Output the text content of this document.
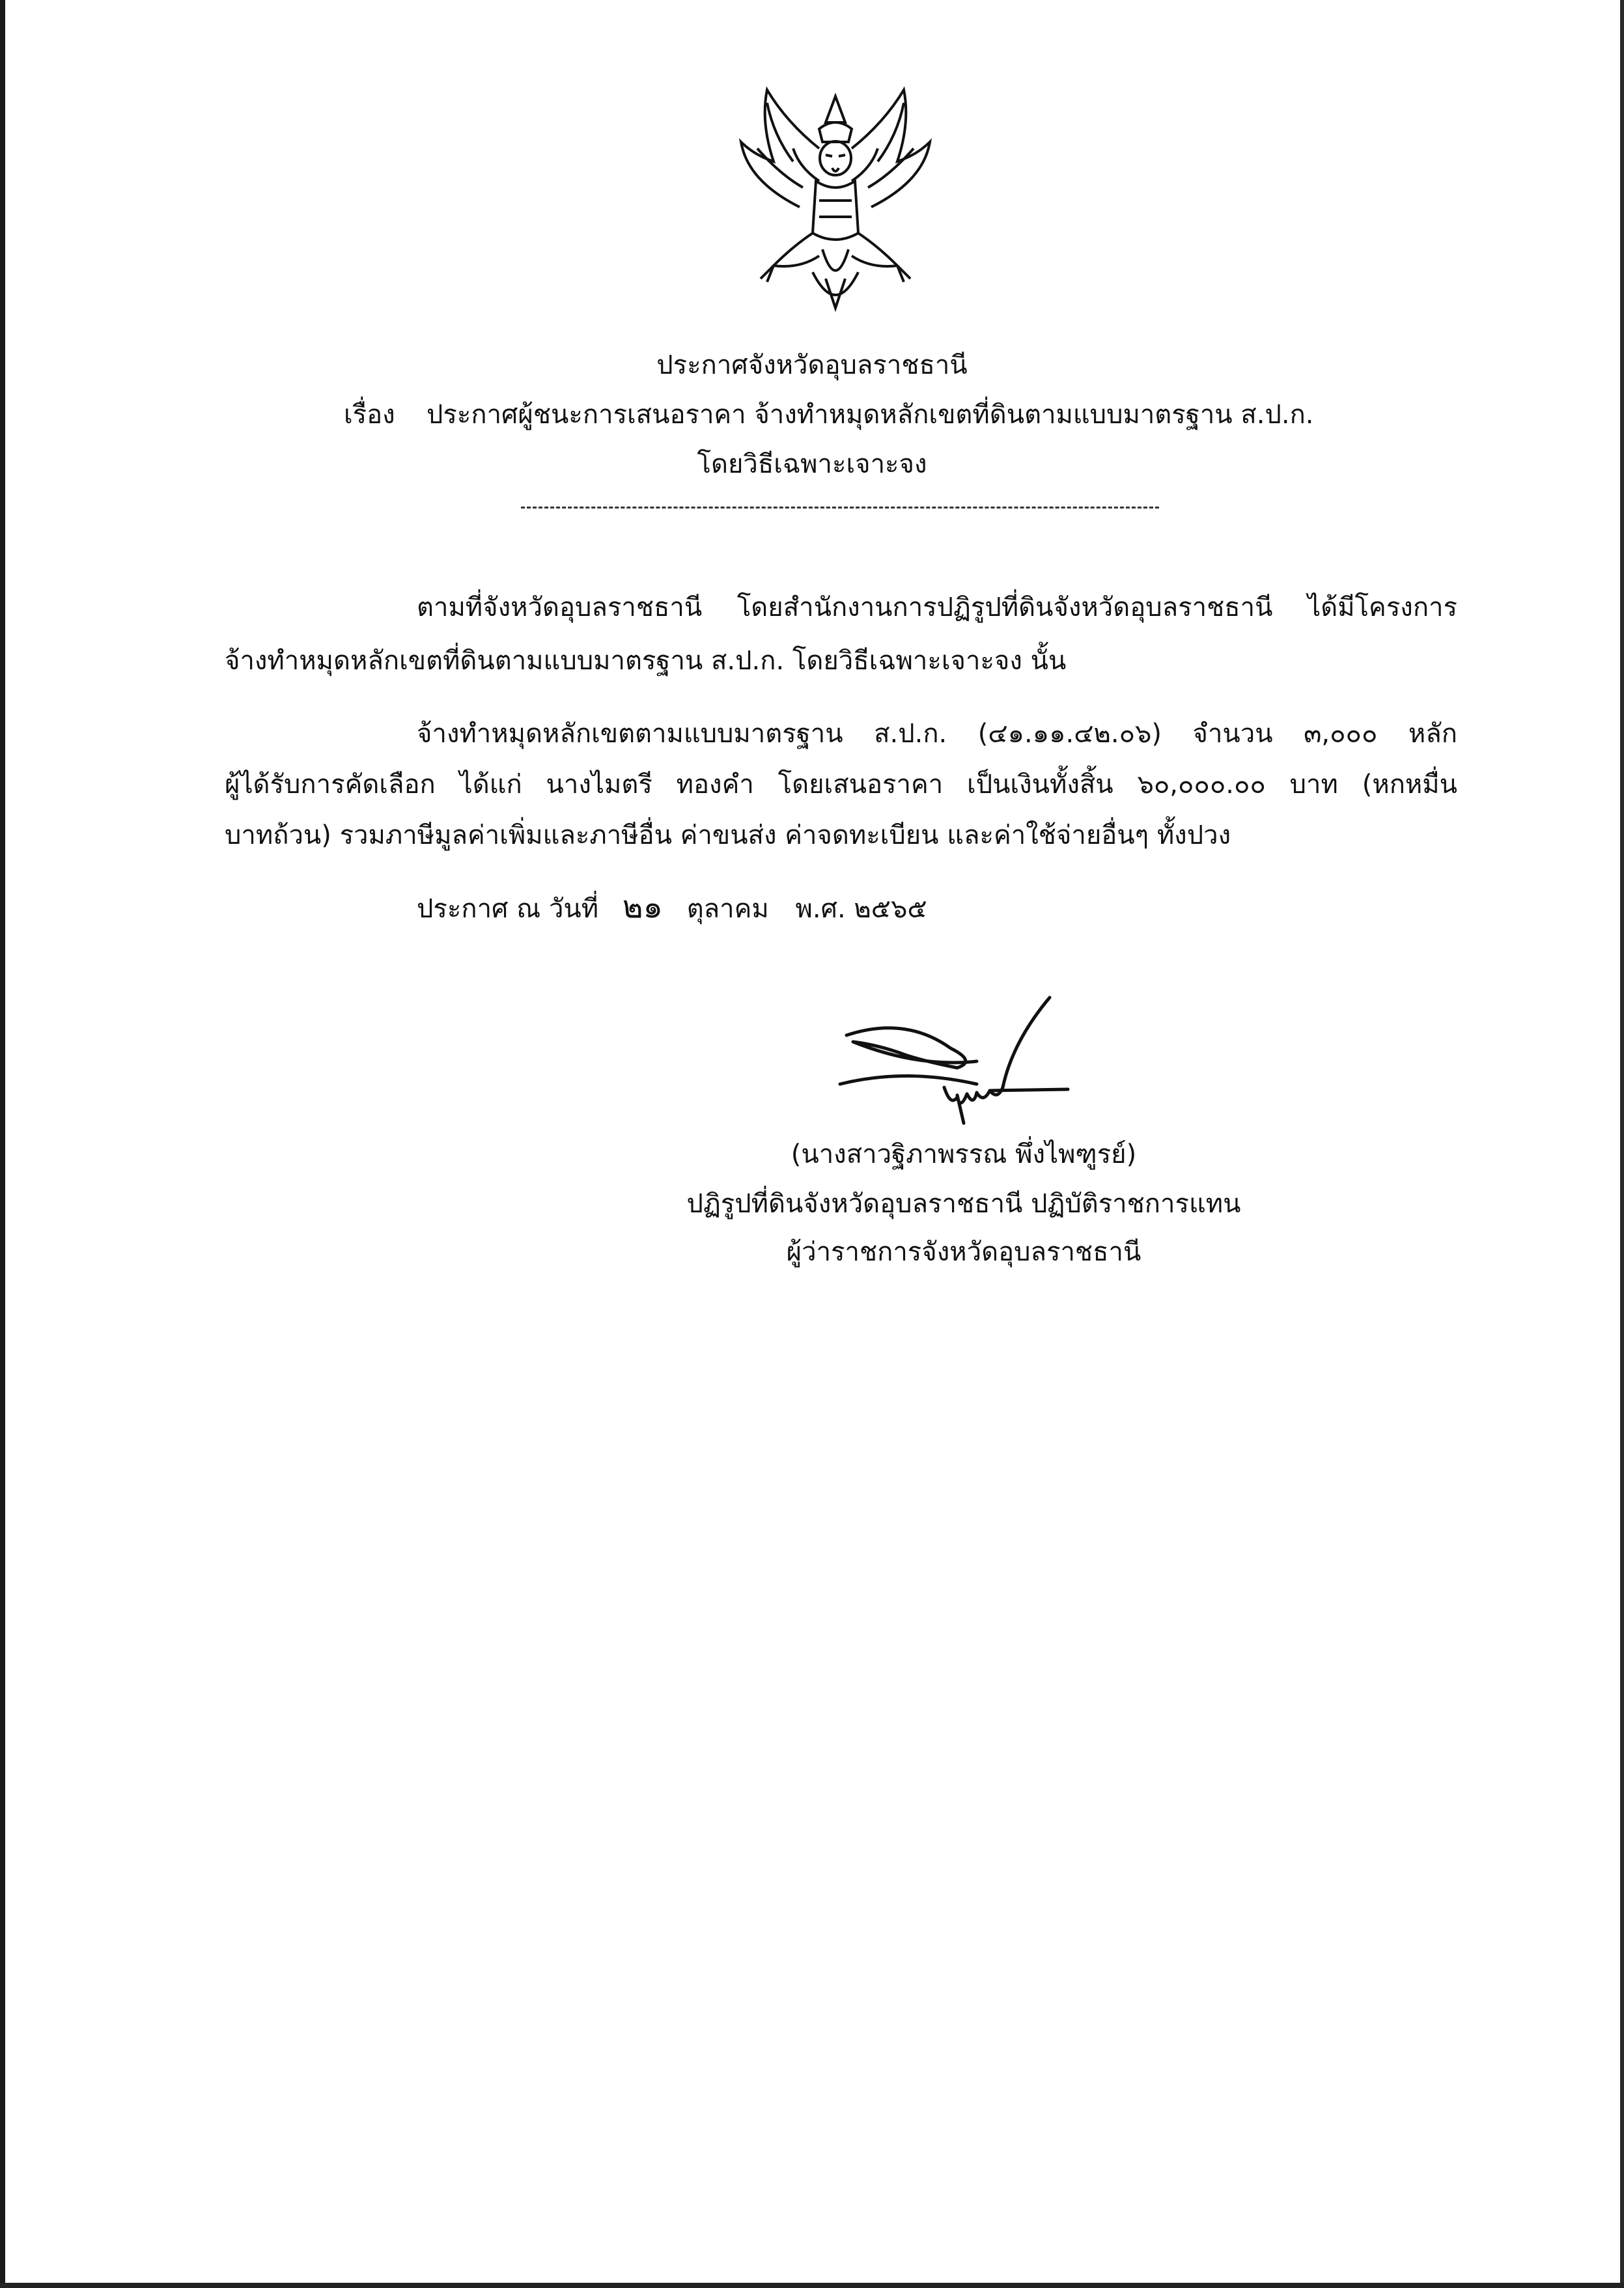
ประกาศจังหวัดอุบลราชธานี
เรื่อง ประกาศผู้ชนะการเสนอราคา จ้างทำหมุดหลักเขตที่ดินตามแบบมาตรฐาน ส.ป.ก.
โดยวิธีเฉพาะเจาะจง
ตามที่จังหวัดอุบลราชธานี โดยสำนักงานการปฏิรูปที่ดินจังหวัดอุบลราชธานี ได้มีโครงการ
จ้างทำหมุดหลักเขตที่ดินตามแบบมาตรฐาน ส.ป.ก. โดยวิธีเฉพาะเจาะจง นั้น
จ้างทำหมุดหลักเขตตามแบบมาตรฐาน ส.ป.ก. (๔๑.๑๑.๔๒.๐๖) จำนวน ๓,๐๐๐ หลัก
ผู้ได้รับการคัดเลือก ได้แก่ นางไมตรี ทองคำ โดยเสนอราคา เป็นเงินทั้งสิ้น ๖๐,๐๐๐.๐๐ บาท (หกหมื่น
บาทถ้วน) รวมภาษีมูลค่าเพิ่มและภาษีอื่น ค่าขนส่ง ค่าจดทะเบียน และค่าใช้จ่ายอื่นๆ ทั้งปวง
ประกาศ ณ วันที่ ๒๑ ตุลาคม พ.ศ. ๒๕๖๕
(นางสาวฐิภาพรรณ พึ่งไพฑูรย์)
ปฏิรูปที่ดินจังหวัดอุบลราชธานี ปฏิบัติราชการแทน
ผู้ว่าราชการจังหวัดอุบลราชธานี
